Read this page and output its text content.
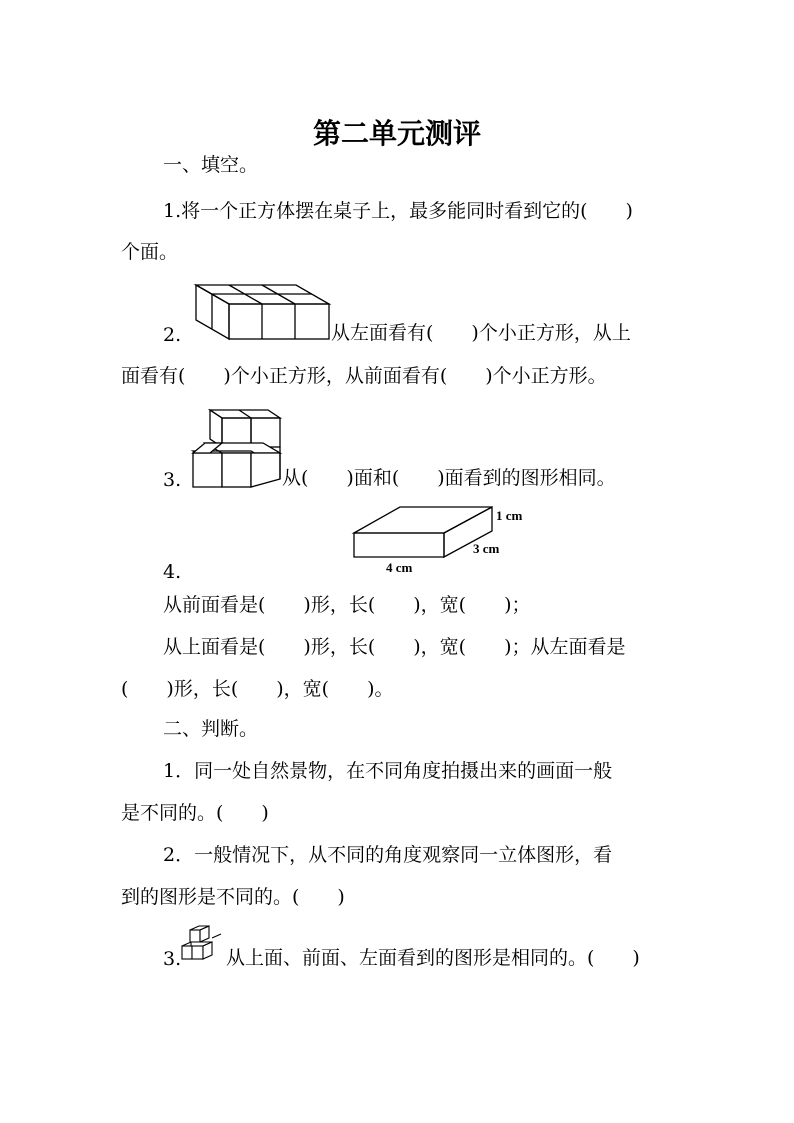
第二单元测评
一、填空。
1.将一个正方体摆在桌子上，最多能同时看到它的(　　)
个面。
2.	从左面看有(　　)个小正方形，从上
面看有(　　)个小正方形，从前面看有(　　)个小正方形。
3.	从(　　)面和(　　)面看到的图形相同。
1 cm
3 cm
4 cm
4.
从前面看是(　　)形，长(　　)，宽(　　)；
从上面看是(　　)形，长(　　)，宽(　　)；从左面看是
(　　)形，长(　　)，宽(　　)。
二、判断。
1．同一处自然景物，在不同角度拍摄出来的画面一般
是不同的。(　　)
2．一般情况下，从不同的角度观察同一立体图形，看
到的图形是不同的。(　　)
3. 从上面、前面、左面看到的图形是相同的。(　　)
